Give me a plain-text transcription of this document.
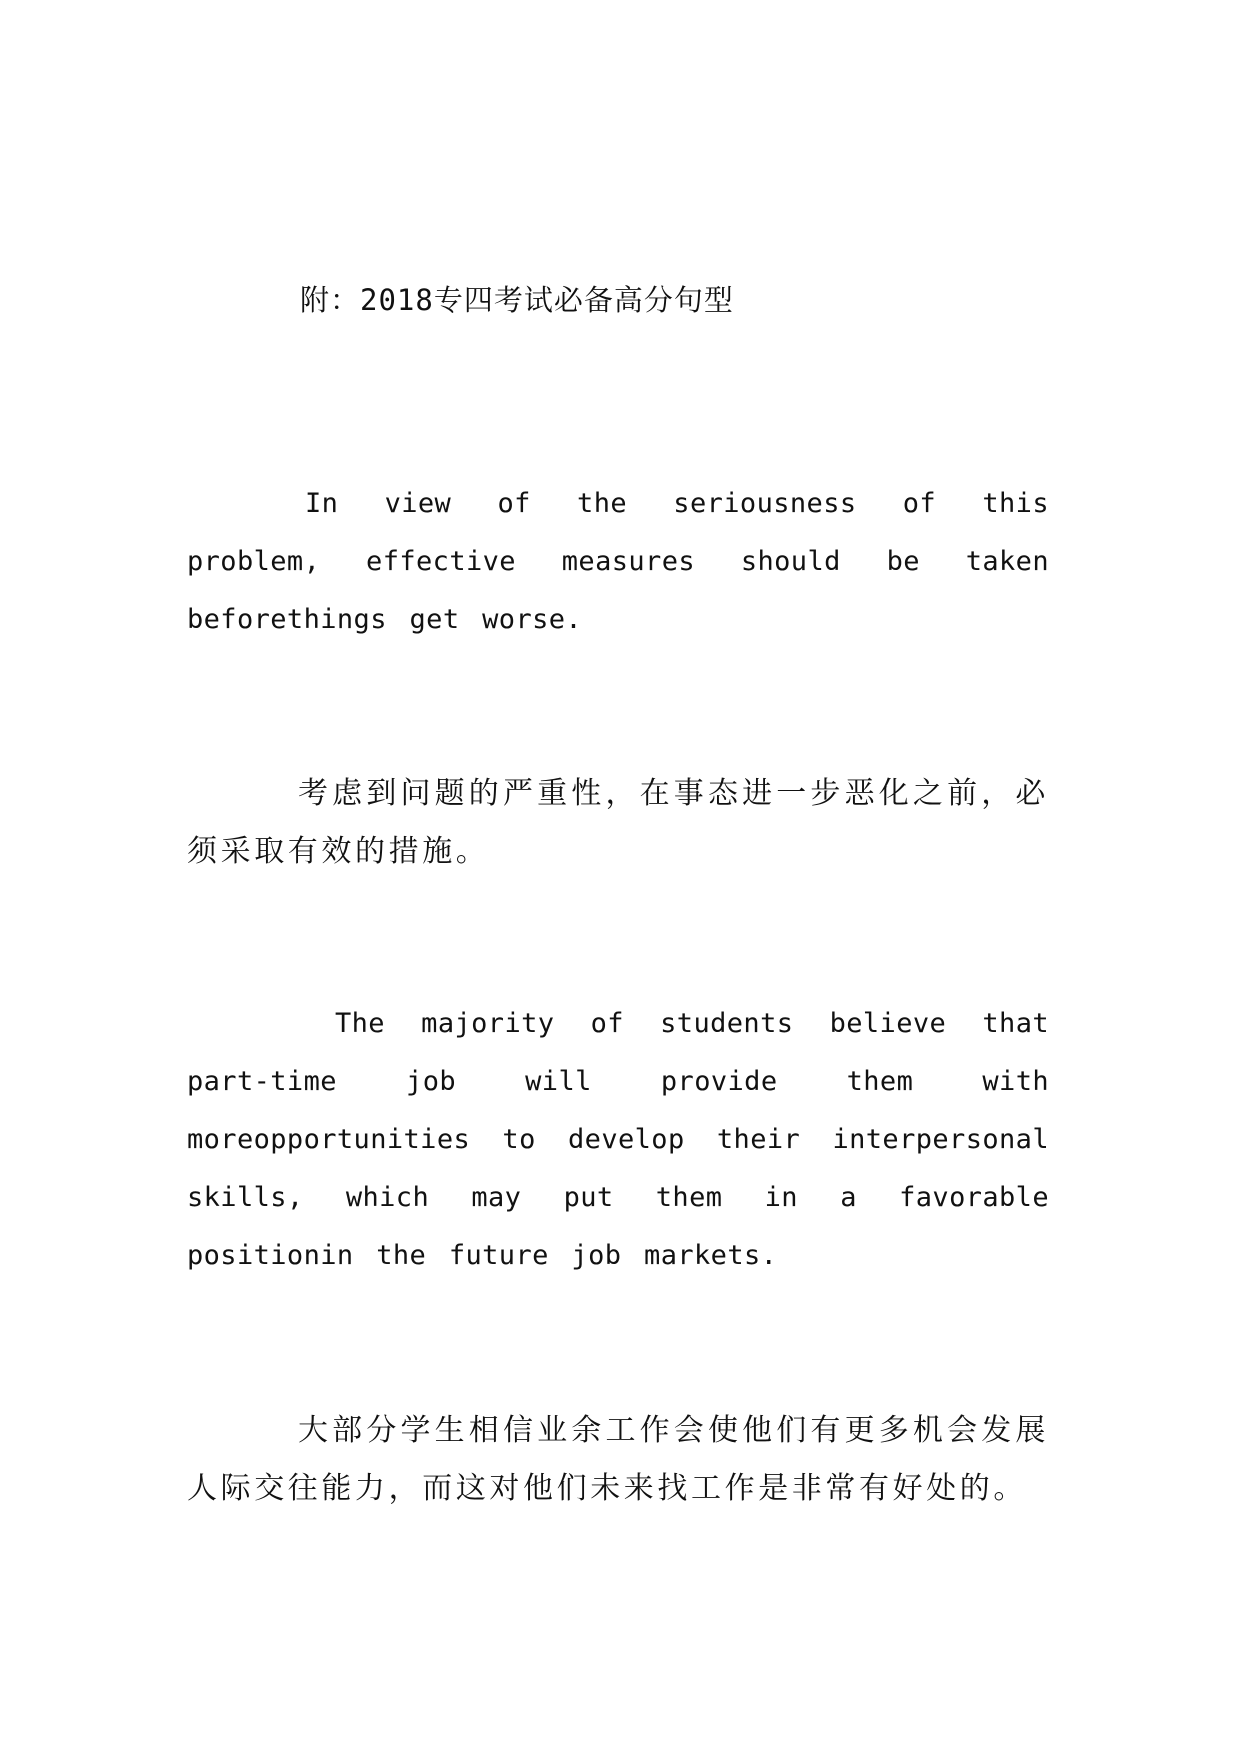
附：2018专四考试必备高分句型

In view of the seriousness of this problem, effective measures should be taken beforethings get worse.

考虑到问题的严重性，在事态进一步恶化之前，必须采取有效的措施。

The majority of students believe that part-time job will provide them with moreopportunities to develop their interpersonal skills, which may put them in a favorable positionin the future job markets.

大部分学生相信业余工作会使他们有更多机会发展人际交往能力，而这对他们未来找工作是非常有好处的。
